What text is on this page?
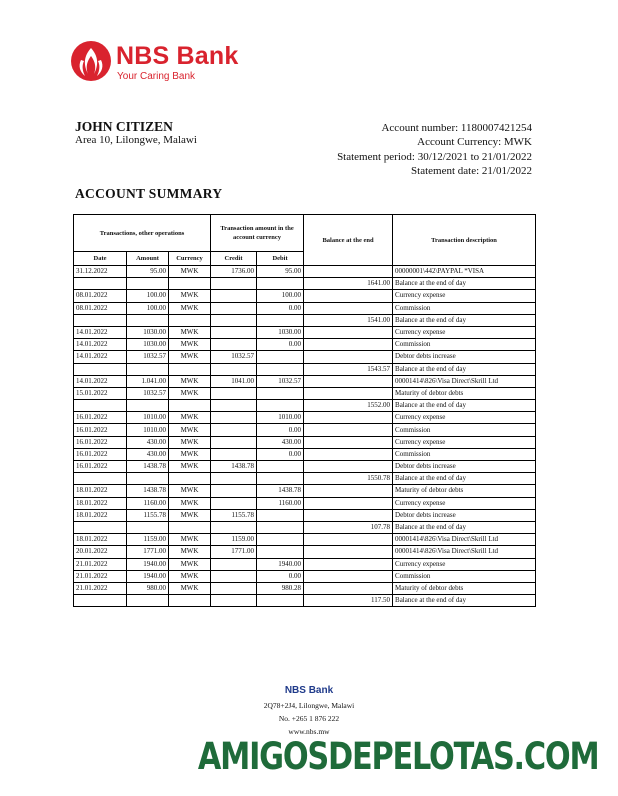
NBS Bank
Your Caring Bank
JOHN CITIZEN
Area 10, Lilongwe, Malawi
Account number: 1180007421254
Account Currency: MWK
Statement period: 30/12/2021 to 21/01/2022
Statement date: 21/01/2022
ACCOUNT SUMMARY
Transactions, other operations			Transaction amount in the account currency		Balance at the end	Transaction description
Date	Amount	Currency	Credit	Debit		
31.12.2022	95.00	MWK	1736.00	95.00		00000001\442\PAYPAL *VISA
					1641.00	Balance at the end of day
08.01.2022	100.00	MWK		100.00		Currency expense
08.01.2022	100.00	MWK		0.00		Commission
					1541.00	Balance at the end of day
14.01.2022	1030.00	MWK		1030.00		Currency expense
14.01.2022	1030.00	MWK		0.00		Commission
14.01.2022	1032.57	MWK	1032.57			Debtor debts increase
					1543.57	Balance at the end of day
14.01.2022	1.041.00	MWK	1041.00	1032.57		00001414\826\Visa Direct\Skrill Ltd
15.01.2022	1032.57	MWK				Maturity of debtor debts
					1552.00	Balance at the end of day
16.01.2022	1010.00	MWK		1010.00		Currency expense
16.01.2022	1010.00	MWK		0.00		Commission
16.01.2022	430.00	MWK		430.00		Currency expense
16.01.2022	430.00	MWK		0.00		Commission
16.01.2022	1438.78	MWK	1438.78			Debtor debts increase
					1550.78	Balance at the end of day
18.01.2022	1438.78	MWK		1438.78		Maturity of debtor debts
18.01.2022	1160.00	MWK		1160.00		Currency expense
18.01.2022	1155.78	MWK	1155.78			Debtor debts increase
					107.78	Balance at the end of day
18.01.2022	1159.00	MWK	1159.00			00001414\826\Visa Direct\Skrill Ltd
20.01.2022	1771.00	MWK	1771.00			00001414\826\Visa Direct\Skrill Ltd
21.01.2022	1940.00	MWK		1940.00		Currency expense
21.01.2022	1940.00	MWK		0.00		Commission
21.01.2022	980.00	MWK		980.28		Maturity of debtor debts
					117.50	Balance at the end of day
NBS Bank
2Q78+2J4, Lilongwe, Malawi
No. +265 1 876 222
www.nbs.mw
AMIGOSDEPELOTAS.COM
